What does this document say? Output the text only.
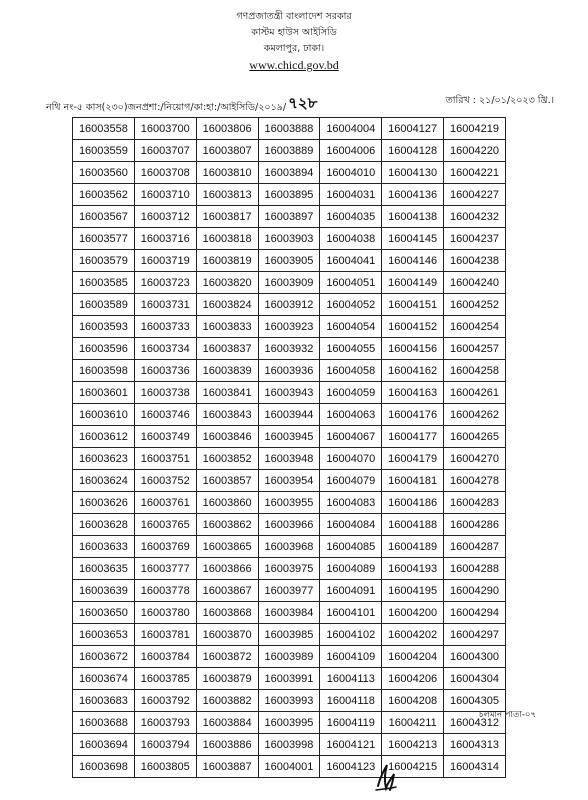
গণপ্রজাতন্ত্রী বাংলাদেশ সরকার
কাস্টম হাউস আইসিডি
কমলাপুর, ঢাকা।
www.chicd.gov.bd
নথি নং-৫ কাস(২৩০)জনপ্রশা:/নিয়োগ/কা:হা:/আইসিডি/২০১৯/ ৭২৮	তারিখ : ২১/০১/২০২৩ খ্রি.।
16003558	16003700	16003806	16003888	16004004	16004127	16004219
16003559	16003707	16003807	16003889	16004006	16004128	16004220
16003560	16003708	16003810	16003894	16004010	16004130	16004221
16003562	16003710	16003813	16003895	16004031	16004136	16004227
16003567	16003712	16003817	16003897	16004035	16004138	16004232
16003577	16003716	16003818	16003903	16004038	16004145	16004237
16003579	16003719	16003819	16003905	16004041	16004146	16004238
16003585	16003723	16003820	16003909	16004051	16004149	16004240
16003589	16003731	16003824	16003912	16004052	16004151	16004252
16003593	16003733	16003833	16003923	16004054	16004152	16004254
16003596	16003734	16003837	16003932	16004055	16004156	16004257
16003598	16003736	16003839	16003936	16004058	16004162	16004258
16003601	16003738	16003841	16003943	16004059	16004163	16004261
16003610	16003746	16003843	16003944	16004063	16004176	16004262
16003612	16003749	16003846	16003945	16004067	16004177	16004265
16003623	16003751	16003852	16003948	16004070	16004179	16004270
16003624	16003752	16003857	16003954	16004079	16004181	16004278
16003626	16003761	16003860	16003955	16004083	16004186	16004283
16003628	16003765	16003862	16003966	16004084	16004188	16004286
16003633	16003769	16003865	16003968	16004085	16004189	16004287
16003635	16003777	16003866	16003975	16004089	16004193	16004288
16003639	16003778	16003867	16003977	16004091	16004195	16004290
16003650	16003780	16003868	16003984	16004101	16004200	16004294
16003653	16003781	16003870	16003985	16004102	16004202	16004297
16003672	16003784	16003872	16003989	16004109	16004204	16004300
16003674	16003785	16003879	16003991	16004113	16004206	16004304
16003683	16003792	16003882	16003993	16004118	16004208	16004305
16003688	16003793	16003884	16003995	16004119	16004211	16004312
16003694	16003794	16003886	16003998	16004121	16004213	16004313
16003698	16003805	16003887	16004001	16004123	16004215	16004314
চলমান পাতা-০৭
